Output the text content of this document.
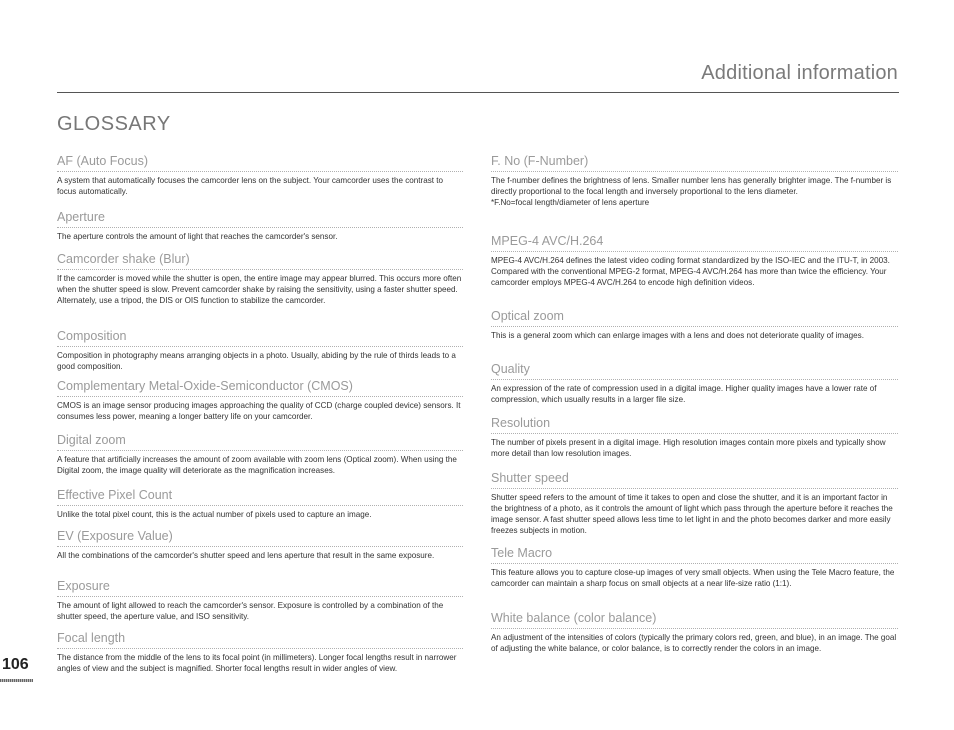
Additional information
GLOSSARY
AF (Auto Focus)

A system that automatically focuses the camcorder lens on the subject. Your camcorder uses the contrast to focus automatically.

Aperture

The aperture controls the amount of light that reaches the camcorder's sensor.

Camcorder shake (Blur)

If the camcorder is moved while the shutter is open, the entire image may appear blurred. This occurs more often when the shutter speed is slow. Prevent camcorder shake by raising the sensitivity, using a faster shutter speed. Alternately, use a tripod, the DIS or OIS function to stabilize the camcorder.

Composition

Composition in photography means arranging objects in a photo. Usually, abiding by the rule of thirds leads to a good composition.

Complementary Metal-Oxide-Semiconductor (CMOS)

CMOS is an image sensor producing images approaching the quality of CCD (charge coupled device) sensors. It consumes less power, meaning a longer battery life on your camcorder.

Digital zoom

A feature that artificially increases the amount of zoom available with zoom lens (Optical zoom). When using the Digital zoom, the image quality will deteriorate as the magnification increases.

Effective Pixel Count

Unlike the total pixel count, this is the actual number of pixels used to capture an image.

EV (Exposure Value)

All the combinations of the camcorder's shutter speed and lens aperture that result in the same exposure.

Exposure

The amount of light allowed to reach the camcorder's sensor. Exposure is controlled by a combination of the shutter speed, the aperture value, and ISO sensitivity.

Focal length

The distance from the middle of the lens to its focal point (in millimeters). Longer focal lengths result in narrower angles of view and the subject is magnified. Shorter focal lengths result in wider angles of view.

F. No (F-Number)

The f-number defines the brightness of lens. Smaller number lens has generally brighter image. The f-number is directly proportional to the focal length and inversely proportional to the lens diameter.

*F.No=focal length/diameter of lens aperture

MPEG-4 AVC/H.264

MPEG-4 AVC/H.264 defines the latest video coding format standardized by the ISO-IEC and the ITU-T, in 2003. Compared with the conventional MPEG-2 format, MPEG-4 AVC/H.264 has more than twice the efficiency. Your camcorder employs MPEG-4 AVC/H.264 to encode high definition videos.

Optical zoom

This is a general zoom which can enlarge images with a lens and does not deteriorate quality of images.

Quality

An expression of the rate of compression used in a digital image. Higher quality images have a lower rate of compression, which usually results in a larger file size.

Resolution

The number of pixels present in a digital image. High resolution images contain more pixels and typically show more detail than low resolution images.

Shutter speed

Shutter speed refers to the amount of time it takes to open and close the shutter, and it is an important factor in the brightness of a photo, as it controls the amount of light which pass through the aperture before it reaches the image sensor. A fast shutter speed allows less time to let light in and the photo becomes darker and more easily freezes subjects in motion.

Tele Macro

This feature allows you to capture close-up images of very small objects. When using the Tele Macro feature, the camcorder can maintain a sharp focus on small objects at a near life-size ratio (1:1).

White balance (color balance)

An adjustment of the intensities of colors (typically the primary colors red, green, and blue), in an image. The goal of adjusting the white balance, or color balance, is to correctly render the colors in an image.

106
